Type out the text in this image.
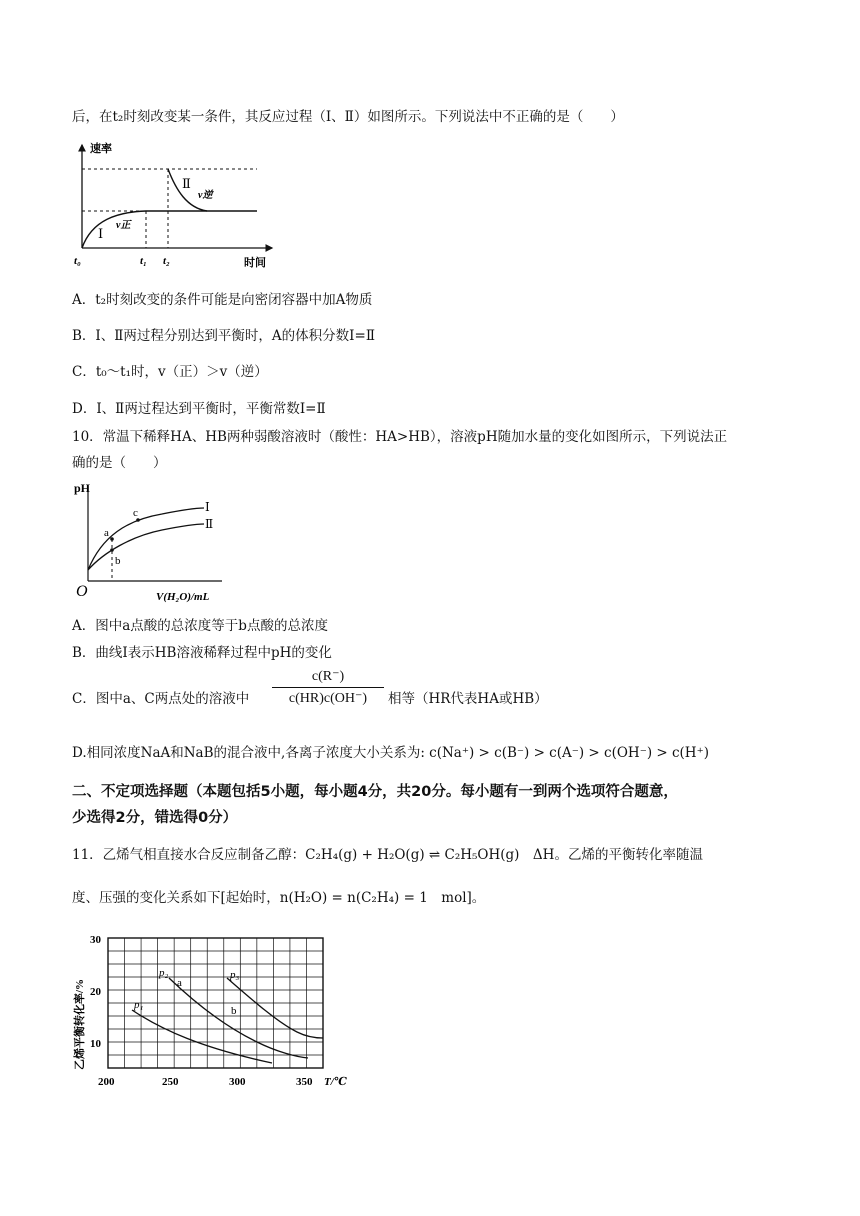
后，在t₂时刻改变某一条件，其反应过程（Ⅰ、Ⅱ）如图所示。下列说法中不正确的是（　　）
速率
时间
t₀	t₁ t₂
Ⅰ
Ⅱ
v正
v逆
A．t₂时刻改变的条件可能是向密闭容器中加A物质
B．Ⅰ、Ⅱ两过程分别达到平衡时，A的体积分数Ⅰ=Ⅱ
C．t₀～t₁时，v（正）＞v（逆）
D．Ⅰ、Ⅱ两过程达到平衡时，平衡常数Ⅰ=Ⅱ
10．常温下稀释HA、HB两种弱酸溶液时（酸性：HA>HB），溶液pH随加水量的变化如图所示，下列说法正
确的是（　　）
pH
V(H₂O)/mL
O
a
b
c	Ⅰ
Ⅱ
A．图中a点酸的总浓度等于b点酸的总浓度
B．曲线I表示HB溶液稀释过程中pH的变化
C．图中a、C两点处的溶液中 $\frac{c(R^-)}{c(HR)c(OH^-)}$ 相等（HR代表HA或HB）
D.相同浓度NaA和NaB的混合液中,各离子浓度大小关系为: c(Na⁺) > c(B⁻) > c(A⁻) > c(OH⁻) > c(H⁺)
二、不定项选择题（本题包括5小题，每小题4分，共20分。每小题有一到两个选项符合题意，
少选得2分，错选得0分）
11．乙烯气相直接水合反应制备乙醇：C₂H₄(g) + H₂O(g) ⇌ C₂H₅OH(g)　ΔH。乙烯的平衡转化率随温
度、压强的变化关系如下[起始时，n(H₂O) = n(C₂H₄) = 1　mol]。
p₁
p₂	p₃
a
b
30
20
10
200	250	300	350 T/℃
乙烯平衡转化率/%
